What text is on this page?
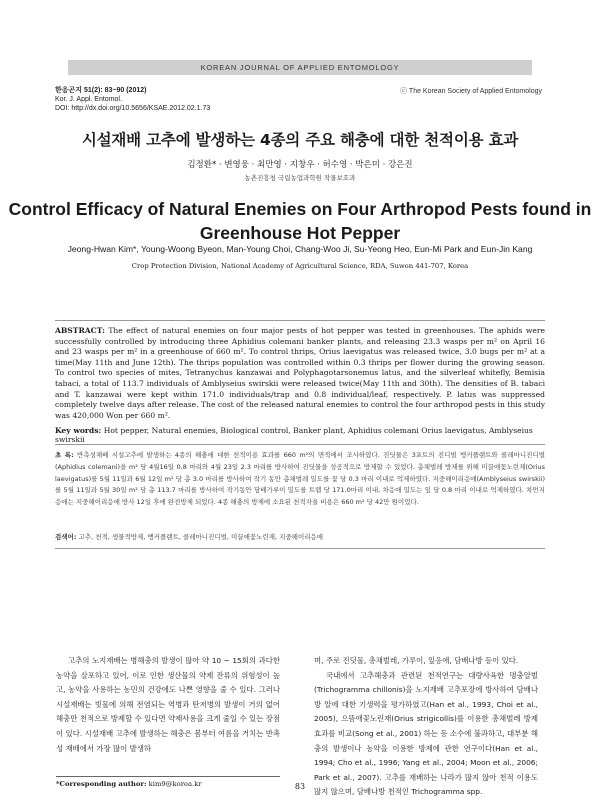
KOREAN JOURNAL OF APPLIED ENTOMOLOGY
한응곤지 51(2): 83~90 (2012)
Kor. J. Appl. Entomol.
DOI: http://dx.doi.org/10.5656/KSAE.2012.02.1.73
ⓒ The Korean Society of Applied Entomology
시설재배 고추에 발생하는 4종의 주요 해충에 대한 천적이용 효과
김정환* · 변영웅 · 최만영 · 지창우 · 허수영 · 박은미 · 강은진
농촌진흥청 국립농업과학원 작물보호과
Control Efficacy of Natural Enemies on Four Arthropod Pests found in
Greenhouse Hot Pepper
Jeong-Hwan Kim*, Young-Woong Byeon, Man-Young Choi, Chang-Woo Ji, Su-Yeong Heo, Eun-Mi Park and Eun-Jin Kang
Crop Protection Division, National Academy of Agricultural Science, RDA, Suwon 441-707, Korea
ABSTRACT: The effect of natural enemies on four major pests of hot pepper was tested in greenhouses. The aphids were successfully controlled by introducing three Aphidius colemani banker plants, and releasing 23.3 wasps per m² on April 16 and 23 wasps per m² in a greenhouse of 660 m². To control thrips, Orius laevigatus was released twice, 3.0 bugs per m² at a time(May 11th and June 12th). The thrips population was controlled within 0.3 thrips per flower during the growing season. To control two species of mites, Tetranychus kanzawai and Polyphagotarsonemus latus, and the silverleaf whitefly, Bemisia tabaci, a total of 113.7 individuals of Amblyseius swirskii were released twice(May 11th and 30th). The densities of B. tabaci and T. kanzawai were kept within 171.0 individuals/trap and 0.8 individual/leaf, respectively. P. latus was suppressed completely twelve days after release. The cost of the released natural enemies to control the four arthropod pests in this study was 420,000 Won per 660 m².
Key words: Hot pepper, Natural enemies, Biological control, Banker plant, Aphidius colemani Orius laevigatus, Amblyseius swirskii
초 록: 반촉성재배 시설고추에 발생하는 4종의 해충에 대한 천적이용 효과를 660 m²의 면적에서 조사하였다. 진딧물은 3포트의 진디벌 뱅커플랜트와 콜레마니진디벌(Aphidius colemani)을 m² 당 4월16일 0.8 마리와 4월 23일 2.3 마리를 방사하여 진딧물을 성공적으로 방제할 수 있었다. 총채벌레 방제를 위해 미끌애꽃노린재(Orius laevigatus)를 5월 11일과 6월 12일 m² 당 총 3.0 마리를 방사하여 작기 동안 총채벌레 밀도를 꽃 당 0.3 마리 이내로 억제하였다. 지중해이리응애(Amblyseius swirskii)를 5월 11일과 5월 30일 m² 당 총 113.7 마리를 방사하여 작기동안 담배가루이 밀도를 트랩 당 171.0마리 이내, 차응애 밀도는 잎 당 0.8 마리 이내로 억제하였다. 차먼지응애는 지중해이리응애 방사 12일 후에 완전방제 되었다. 4종 해충의 방제에 소요된 천적자울 비용은 660 m² 당 42만 원이었다.
검색어: 고추, 천적, 생물적방제, 뱅커플랜트, 콜레마니진디벌, 미끌애꽃노린재, 지중해이리응애

고추의 노지재배는 병해충의 발생이 많아 약 10 ~ 15회의 과다한 농약을 살포하고 있어, 이로 인한 생산물의 약제 잔류의 위험성이 높고, 농약을 사용하는 농민의 건강에도 나쁜 영향을 줄 수 있다. 그러나 시설재배는 빗물에 의해 전염되는 역병과 탄저병의 발생이 거의 없어 해충만 천적으로 방제할 수 있다면 약제사용을 크게 줄일 수 있는 장점이 있다. 시설재배 고추에 발생하는 해충은 봄부터 여름을 거치는 반촉성 재배에서 가장 많이 발생하

며, 주로 진딧물, 총채벌레, 가루이, 잎응애, 담배나방 등이 있다.

국내에서 고추해충과 관련된 천적연구는 대량사육한 명충알벌(Trichogramma chillonis)을 노지재배 고추포장에 방사하여 담배나방 알에 대한 기생력을 평가하였고(Han et al., 1993, Choi et al., 2005), 으뜸애꽃노린재(Orius strigicollis)를 이용한 총채벌레 방제효과를 비교(Song et al., 2001) 하는 등 소수에 불과하고, 대부분 해충의 발생이나 농약을 이용한 방제에 관한 연구이다(Han et al., 1994; Cho et al., 1996; Yang et al., 2004; Moon et al., 2006; Park et al., 2007). 고추를 재배하는 나라가 많지 않아 천적 이용도 많지 않으며, 담배나방 천적인 Trichogramma spp.

*Corresponding author: kim9@korea.kr	83
